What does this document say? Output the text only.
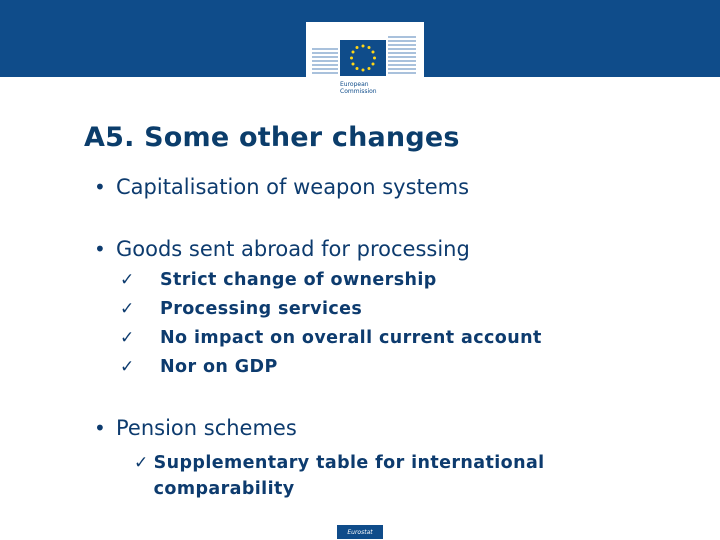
European
Commission
A5. Some other changes
• Capitalisation of weapon systems
• Goods sent abroad for processing
✓	Strict change of ownership
✓	Processing services
✓	No impact on overall current account
✓	Nor on GDP
• Pension schemes
✓ Supplementary table for international comparability
Eurostat
